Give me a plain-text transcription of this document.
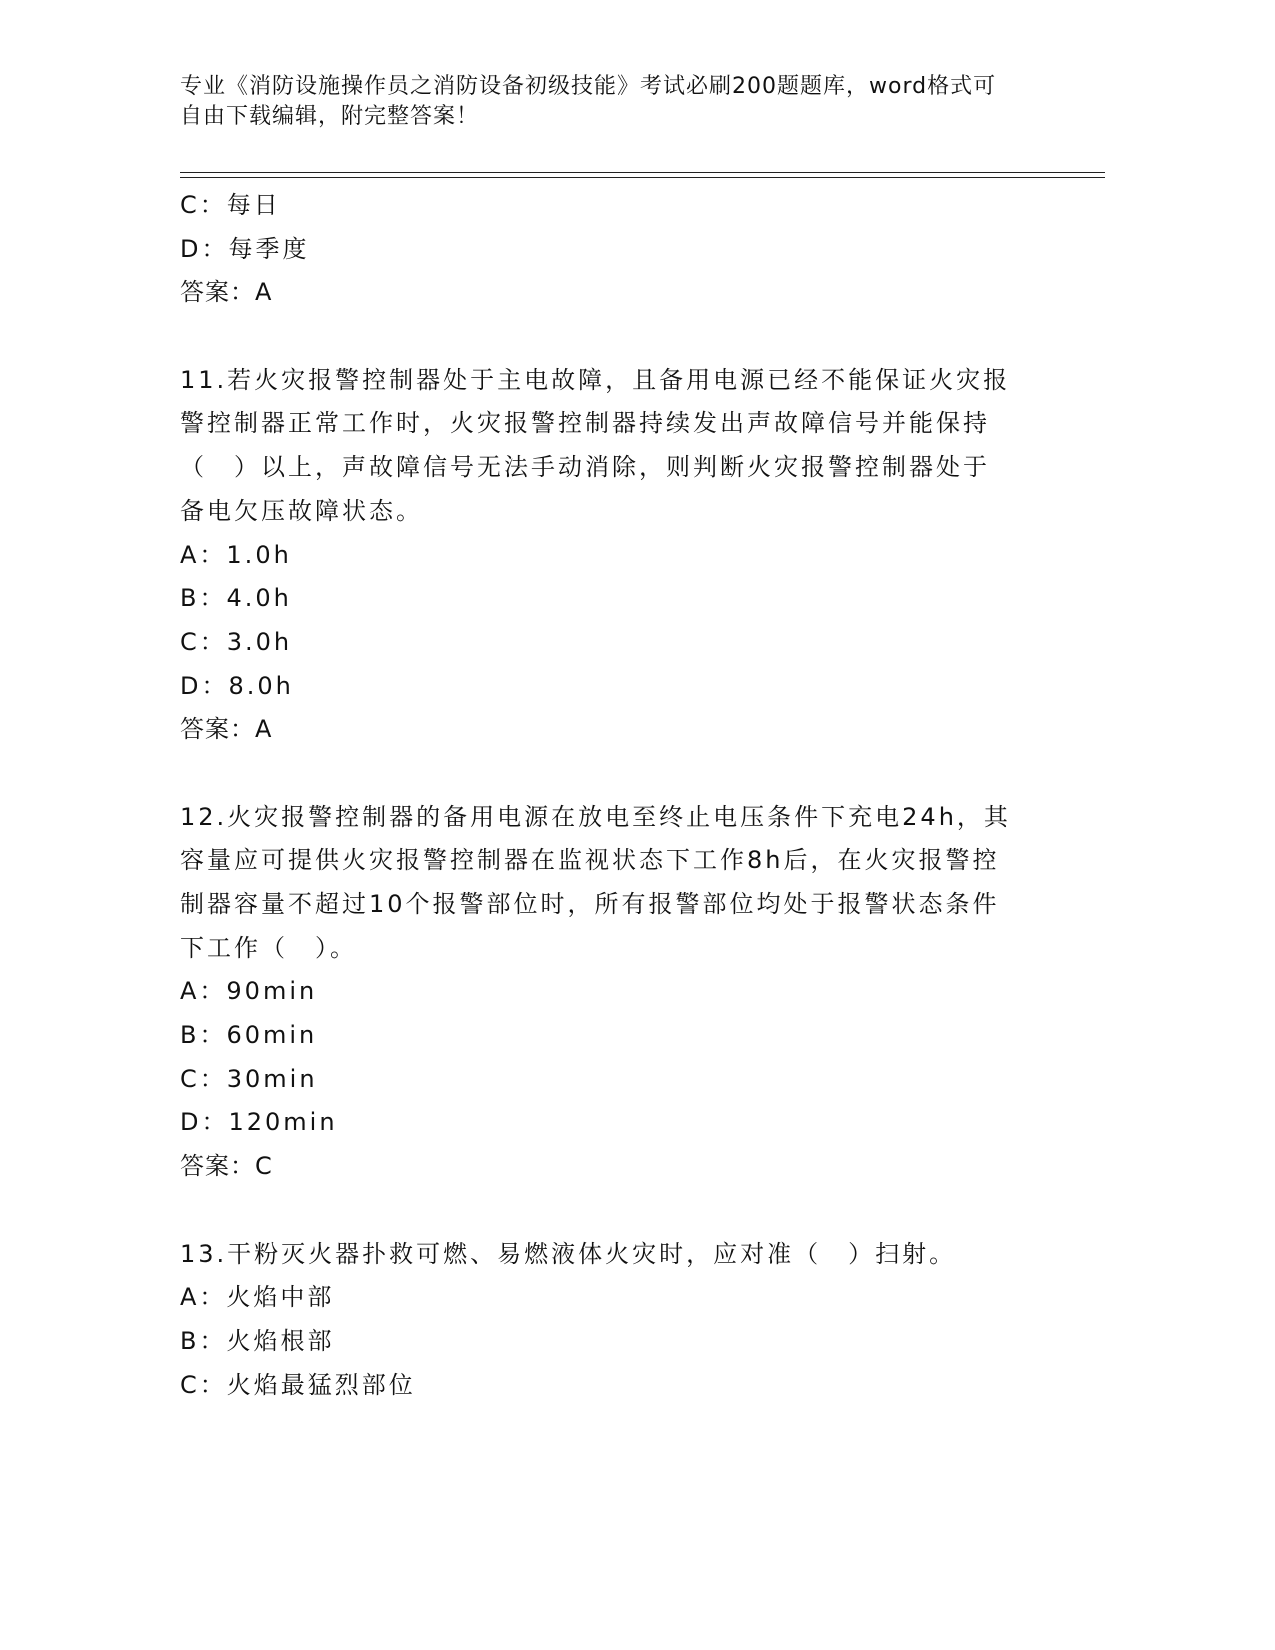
专业《消防设施操作员之消防设备初级技能》考试必刷200题题库，word格式可
自由下载编辑，附完整答案！
C：每日
D：每季度
答案：A
11.若火灾报警控制器处于主电故障，且备用电源已经不能保证火灾报
警控制器正常工作时，火灾报警控制器持续发出声故障信号并能保持
（　）以上，声故障信号无法手动消除，则判断火灾报警控制器处于
备电欠压故障状态。
A：1.0h
B：4.0h
C：3.0h
D：8.0h
答案：A
12.火灾报警控制器的备用电源在放电至终止电压条件下充电24h，其
容量应可提供火灾报警控制器在监视状态下工作8h后，在火灾报警控
制器容量不超过10个报警部位时，所有报警部位均处于报警状态条件
下工作（　）。
A：90min
B：60min
C：30min
D：120min
答案：C
13.干粉灭火器扑救可燃、易燃液体火灾时，应对准（　）扫射。
A：火焰中部
B：火焰根部
C：火焰最猛烈部位
